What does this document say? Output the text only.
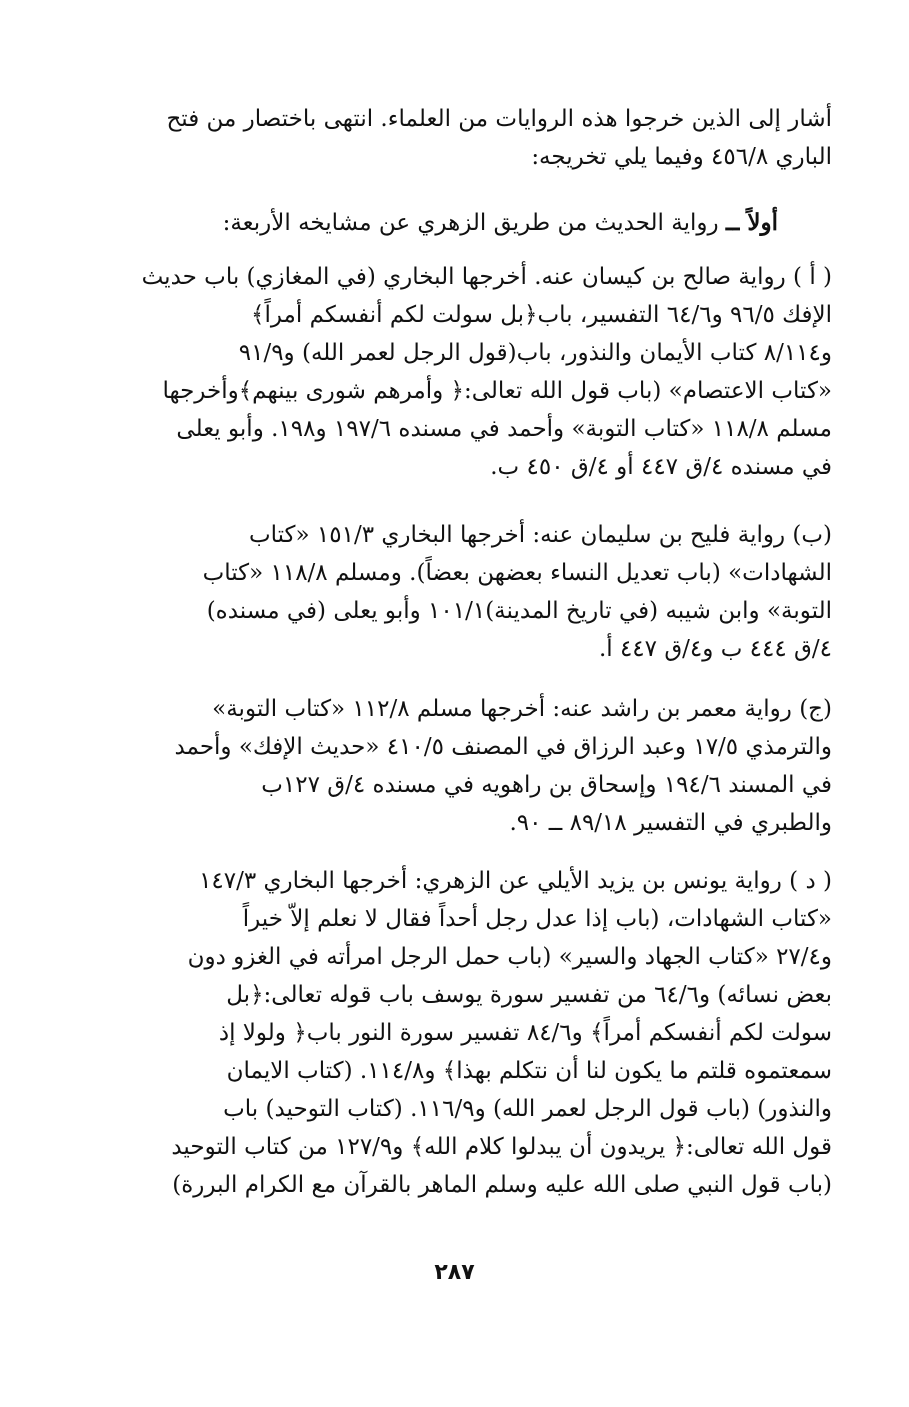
أشار إلى الذين خرجوا هذه الروايات من العلماء. انتهى باختصار من فتح
الباري ٤٥٦/٨ وفيما يلي تخريجه:
أولاً ــ رواية الحديث من طريق الزهري عن مشايخه الأربعة:
( أ ) رواية صالح بن كيسان عنه. أخرجها البخاري (في المغازي) باب حديث
الإفك ٩٦/٥ و٦٤/٦ التفسير، باب﴿بل سولت لكم أنفسكم أمراً﴾
و٨/١١٤ كتاب الأيمان والنذور، باب(قول الرجل لعمر الله) و٩١/٩
«كتاب الاعتصام» (باب قول الله تعالى:﴿ وأمرهم شورى بينهم﴾وأخرجها
مسلم ١١٨/٨ «كتاب التوبة» وأحمد في مسنده ١٩٧/٦ و١٩٨. وأبو يعلى
في مسنده ٤/ق ٤٤٧ أو ٤/ق ٤٥٠ ب.
(ب) رواية فليح بن سليمان عنه: أخرجها البخاري ١٥١/٣ «كتاب
الشهادات» (باب تعديل النساء بعضهن بعضاً). ومسلم ١١٨/٨ «كتاب
التوبة» وابن شيبه (في تاريخ المدينة)١٠١/١ وأبو يعلى (في مسنده)
٤/ق ٤٤٤ ب و٤/ق ٤٤٧ أ.
(ج) رواية معمر بن راشد عنه: أخرجها مسلم ١١٢/٨ «كتاب التوبة»
والترمذي ١٧/٥ وعبد الرزاق في المصنف ٤١٠/٥ «حديث الإفك» وأحمد
في المسند ١٩٤/٦ وإسحاق بن راهويه في مسنده ٤/ق ١٢٧ب
والطبري في التفسير ٨٩/١٨ ــ ٩٠.
( د ) رواية يونس بن يزيد الأيلي عن الزهري: أخرجها البخاري ١٤٧/٣
«كتاب الشهادات، (باب إذا عدل رجل أحداً فقال لا نعلم إلاّ خيراً
و٢٧/٤ «كتاب الجهاد والسير» (باب حمل الرجل امرأته في الغزو دون
بعض نسائه) و٦٤/٦ من تفسير سورة يوسف باب قوله تعالى:﴿بل
سولت لكم أنفسكم أمراً﴾ و٨٤/٦ تفسير سورة النور باب﴿ ولولا إذ
سمعتموه قلتم ما يكون لنا أن نتكلم بهذا﴾ و١١٤/٨. (كتاب الايمان
والنذور) (باب قول الرجل لعمر الله) و١١٦/٩. (كتاب التوحيد) باب
قول الله تعالى:﴿ يريدون أن يبدلوا كلام الله﴾ و١٢٧/٩ من كتاب التوحيد
(باب قول النبي صلى الله عليه وسلم الماهر بالقرآن مع الكرام البررة)
٢٨٧
